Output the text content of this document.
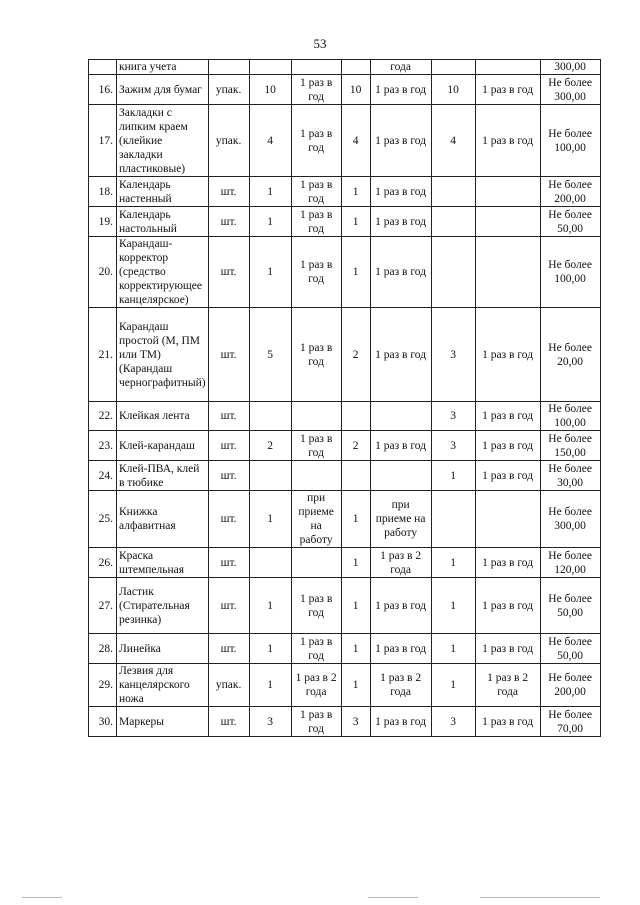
53
	книга учета					года			300,00
16.	Зажим для бумаг	упак.	10	1 раз в год	10	1 раз в год	10	1 раз в год	Не более 300,00
17.	Закладки с липким краем (клейкие закладки пластиковые)	упак.	4	1 раз в год	4	1 раз в год	4	1 раз в год	Не более 100,00
18.	Календарь настенный	шт.	1	1 раз в год	1	1 раз в год			Не более 200,00
19.	Календарь настольный	шт.	1	1 раз в год	1	1 раз в год			Не более 50,00
20.	Карандаш-корректор (средство корректирующее канцелярское)	шт.	1	1 раз в год	1	1 раз в год			Не более 100,00
21.	Карандаш простой (М, ПМ или ТМ) (Карандаш чернографитный)	шт.	5	1 раз в год	2	1 раз в год	3	1 раз в год	Не более 20,00
22.	Клейкая лента	шт.					3	1 раз в год	Не более 100,00
23.	Клей-карандаш	шт.	2	1 раз в год	2	1 раз в год	3	1 раз в год	Не более 150,00
24.	Клей-ПВА, клей в тюбике	шт.					1	1 раз в год	Не более 30,00
25.	Книжка алфавитная	шт.	1	при приеме на работу	1	при приеме на работу			Не более 300,00
26.	Краска штемпельная	шт.			1	1 раз в 2 года	1	1 раз в год	Не более 120,00
27.	Ластик (Стирательная резинка)	шт.	1	1 раз в год	1	1 раз в год	1	1 раз в год	Не более 50,00
28.	Линейка	шт.	1	1 раз в год	1	1 раз в год	1	1 раз в год	Не более 50,00
29.	Лезвия для канцелярского ножа	упак.	1	1 раз в 2 года	1	1 раз в 2 года	1	1 раз в 2 года	Не более 200,00
30.	Маркеры	шт.	3	1 раз в год	3	1 раз в год	3	1 раз в год	Не более 70,00
